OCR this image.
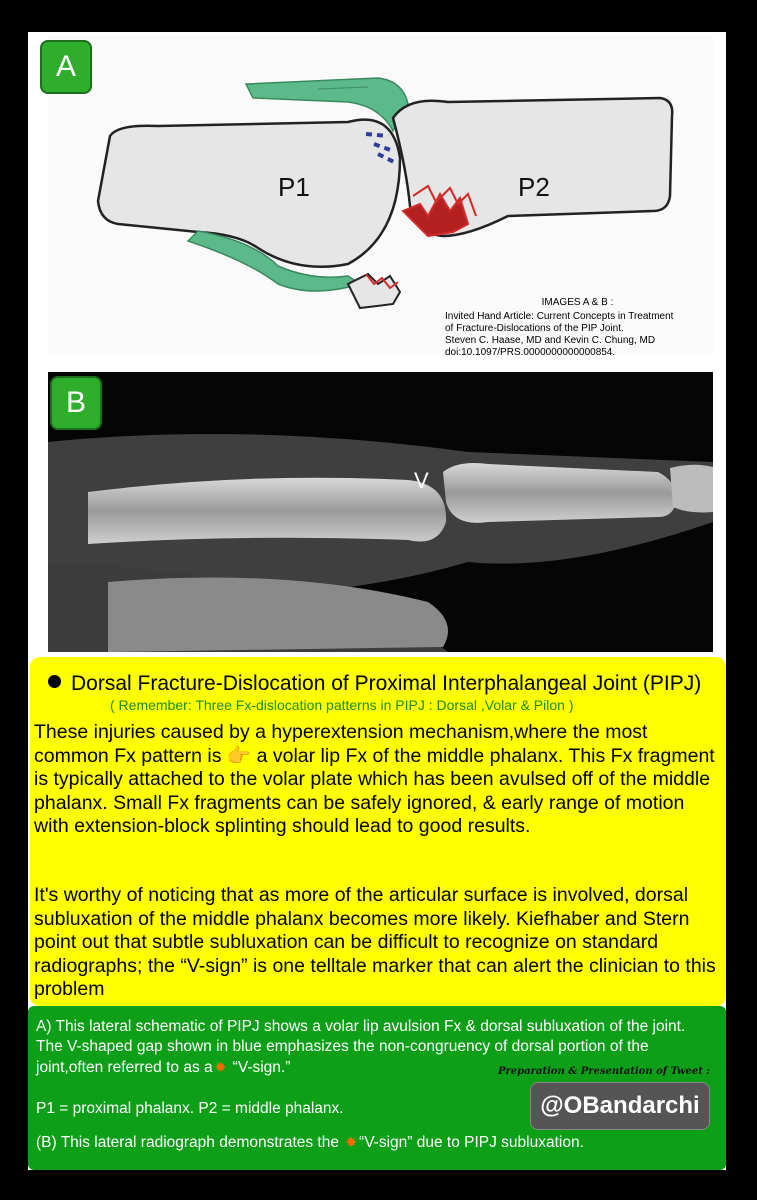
P1	P2
A
IMAGES A & B :
Invited Hand Article: Current Concepts in Treatment
of Fracture-Dislocations of the PIP Joint.
Steven C. Haase, MD and Kevin C. Chung, MD
doi:10.1097/PRS.0000000000000854.
V
B
Dorsal Fracture-Dislocation of Proximal Interphalangeal Joint (PIPJ)
( Remember: Three Fx-dislocation patterns in PIPJ : Dorsal ,Volar & Pilon )
These injuries caused by a hyperextension mechanism,where the most common Fx pattern is 👉 a volar lip Fx of the middle phalanx. This Fx fragment is typically attached to the volar plate which has been avulsed off of the middle phalanx. Small Fx fragments can be safely ignored, & early range of motion with extension-block splinting should lead to good results.
It's worthy of noticing that as more of the articular surface is involved, dorsal subluxation of the middle phalanx becomes more likely. Kiefhaber and Stern point out that subtle subluxation can be difficult to recognize on standard radiographs; the “V-sign” is one telltale marker that can alert the clinician to this problem
A) This lateral schematic of PIPJ shows a volar lip avulsion Fx & dorsal subluxation of the joint. The V-shaped gap shown in blue emphasizes the non-congruency of dorsal portion of the joint,often referred to as a ✸ “V-sign.”
P1 = proximal phalanx. P2 = middle phalanx.
(B) This lateral radiograph demonstrates the ✸ “V-sign” due to PIPJ subluxation.
Preparation & Presentation of Tweet :
@OBandarchi
